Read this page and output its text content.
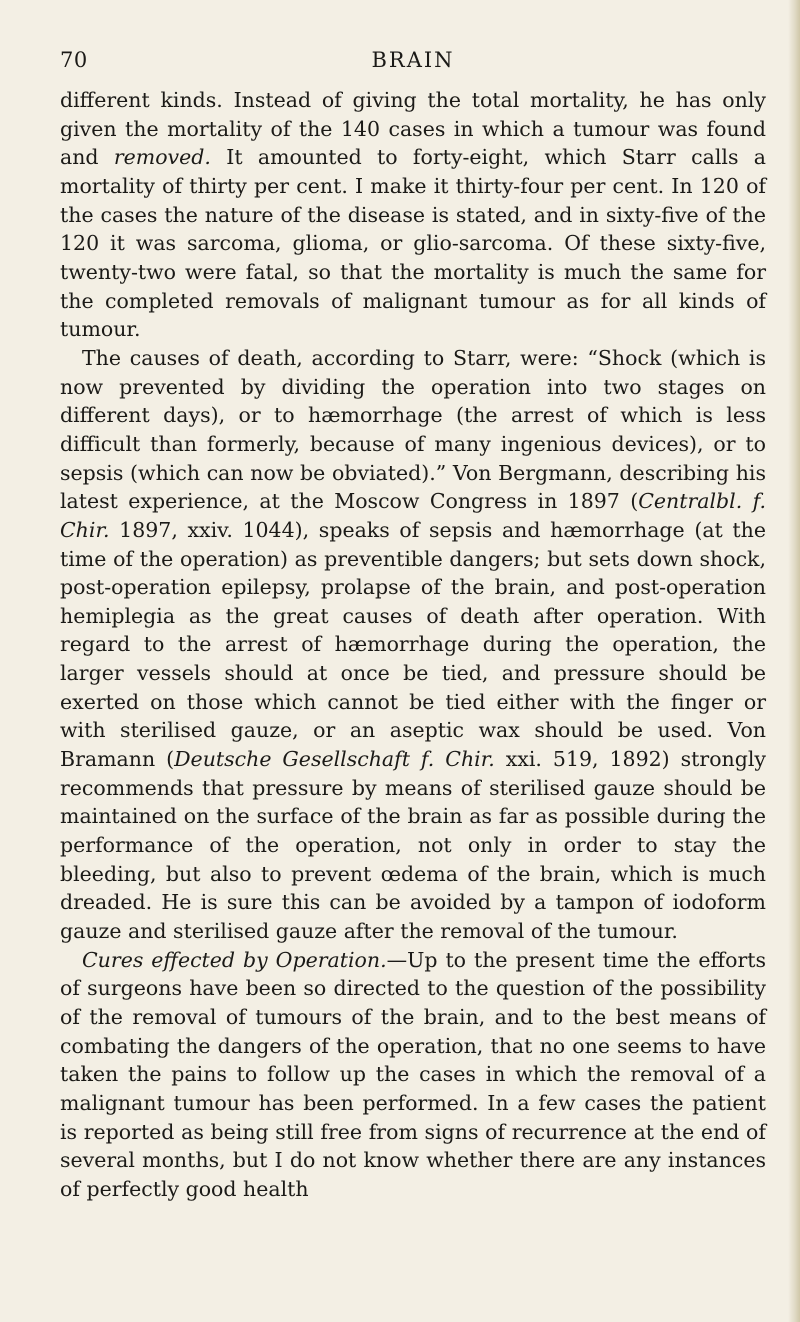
70	BRAIN

different kinds. Instead of giving the total mortality, he has only given the mortality of the 140 cases in which a tumour was found and removed. It amounted to forty-eight, which Starr calls a mortality of thirty per cent. I make it thirty-four per cent. In 120 of the cases the nature of the disease is stated, and in sixty-five of the 120 it was sarcoma, glioma, or glio-sarcoma. Of these sixty-five, twenty-two were fatal, so that the mortality is much the same for the completed removals of malignant tumour as for all kinds of tumour.

The causes of death, according to Starr, were: “Shock (which is now prevented by dividing the operation into two stages on different days), or to hæmorrhage (the arrest of which is less difficult than formerly, because of many ingenious devices), or to sepsis (which can now be obviated).” Von Bergmann, describing his latest experience, at the Moscow Congress in 1897 (Centralbl. f. Chir. 1897, xxiv. 1044), speaks of sepsis and hæmorrhage (at the time of the operation) as preventible dangers; but sets down shock, post-operation epilepsy, prolapse of the brain, and post-operation hemiplegia as the great causes of death after operation. With regard to the arrest of hæmorrhage during the operation, the larger vessels should at once be tied, and pressure should be exerted on those which cannot be tied either with the finger or with sterilised gauze, or an aseptic wax should be used. Von Bramann (Deutsche Gesellschaft f. Chir. xxi. 519, 1892) strongly recommends that pressure by means of sterilised gauze should be maintained on the surface of the brain as far as possible during the performance of the operation, not only in order to stay the bleeding, but also to prevent œdema of the brain, which is much dreaded. He is sure this can be avoided by a tampon of iodoform gauze and sterilised gauze after the removal of the tumour.

Cures effected by Operation.—Up to the present time the efforts of surgeons have been so directed to the question of the possibility of the removal of tumours of the brain, and to the best means of combating the dangers of the operation, that no one seems to have taken the pains to follow up the cases in which the removal of a malignant tumour has been performed. In a few cases the patient is reported as being still free from signs of recurrence at the end of several months, but I do not know whether there are any instances of perfectly good health
